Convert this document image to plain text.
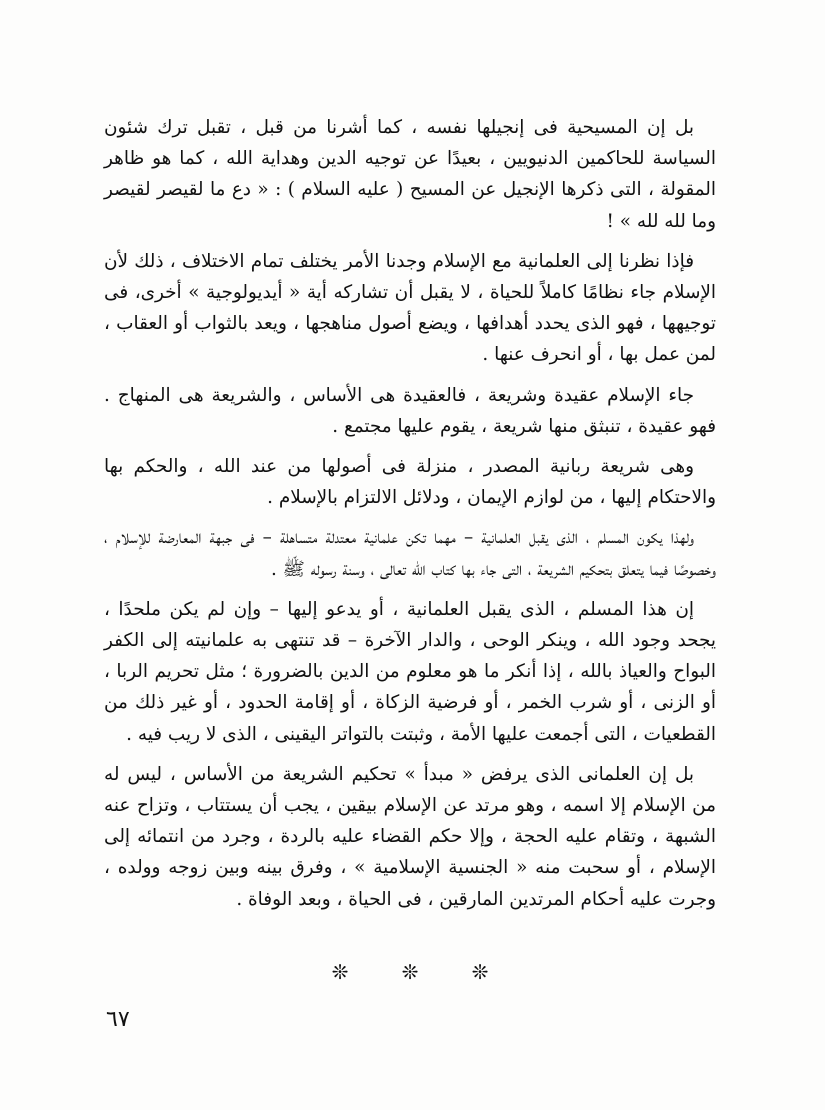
بل إن المسيحية فى إنجيلها نفسه ، كما أشرنا من قبل ، تقبل ترك شئون السياسة للحاكمين الدنيويين ، بعيدًا عن توجيه الدين وهداية الله ، كما هو ظاهر المقولة ، التى ذكرها الإنجيل عن المسيح ( عليه السلام ) : « دع ما لقيصر لقيصر وما لله لله » !

فإذا نظرنا إلى العلمانية مع الإسلام وجدنا الأمر يختلف تمام الاختلاف ، ذلك لأن الإسلام جاء نظامًا كاملاً للحياة ، لا يقبل أن تشاركه أية « أيديولوجية » أخرى، فى توجيهها ، فهو الذى يحدد أهدافها ، ويضع أصول مناهجها ، ويعد بالثواب أو العقاب ، لمن عمل بها ، أو انحرف عنها .

جاء الإسلام عقيدة وشريعة ، فالعقيدة هى الأساس ، والشريعة هى المنهاج . فهو عقيدة ، تنبثق منها شريعة ، يقوم عليها مجتمع .

وهى شريعة ربانية المصدر ، منزلة فى أصولها من عند الله ، والحكم بها والاحتكام إليها ، من لوازم الإيمان ، ودلائل الالتزام بالإسلام .

ولهذا يكون المسلم ، الذى يقبل العلمانية – مهما تكن علمانية معتدلة متساهلة – فى جبهة المعارضة للإسلام ، وخصوصًا فيما يتعلق بتحكيم الشريعة ، التى جاء بها كتاب الله تعالى ، وسنة رسوله ﷺ .

إن هذا المسلم ، الذى يقبل العلمانية ، أو يدعو إليها – وإن لم يكن ملحدًا ، يجحد وجود الله ، وينكر الوحى ، والدار الآخرة – قد تنتهى به علمانيته إلى الكفر البواح والعياذ بالله ، إذا أنكر ما هو معلوم من الدين بالضرورة ؛ مثل تحريم الربا ، أو الزنى ، أو شرب الخمر ، أو فرضية الزكاة ، أو إقامة الحدود ، أو غير ذلك من القطعيات ، التى أجمعت عليها الأمة ، وثبتت بالتواتر اليقينى ، الذى لا ريب فيه .

بل إن العلمانى الذى يرفض « مبدأ » تحكيم الشريعة من الأساس ، ليس له من الإسلام إلا اسمه ، وهو مرتد عن الإسلام بيقين ، يجب أن يستتاب ، وتزاح عنه الشبهة ، وتقام عليه الحجة ، وإلا حكم القضاء عليه بالردة ، وجرد من انتمائه إلى الإسلام ، أو سحبت منه « الجنسية الإسلامية » ، وفرق بينه وبين زوجه وولده ، وجرت عليه أحكام المرتدين المارقين ، فى الحياة ، وبعد الوفاة .

❊
❊
❊
٦٧
